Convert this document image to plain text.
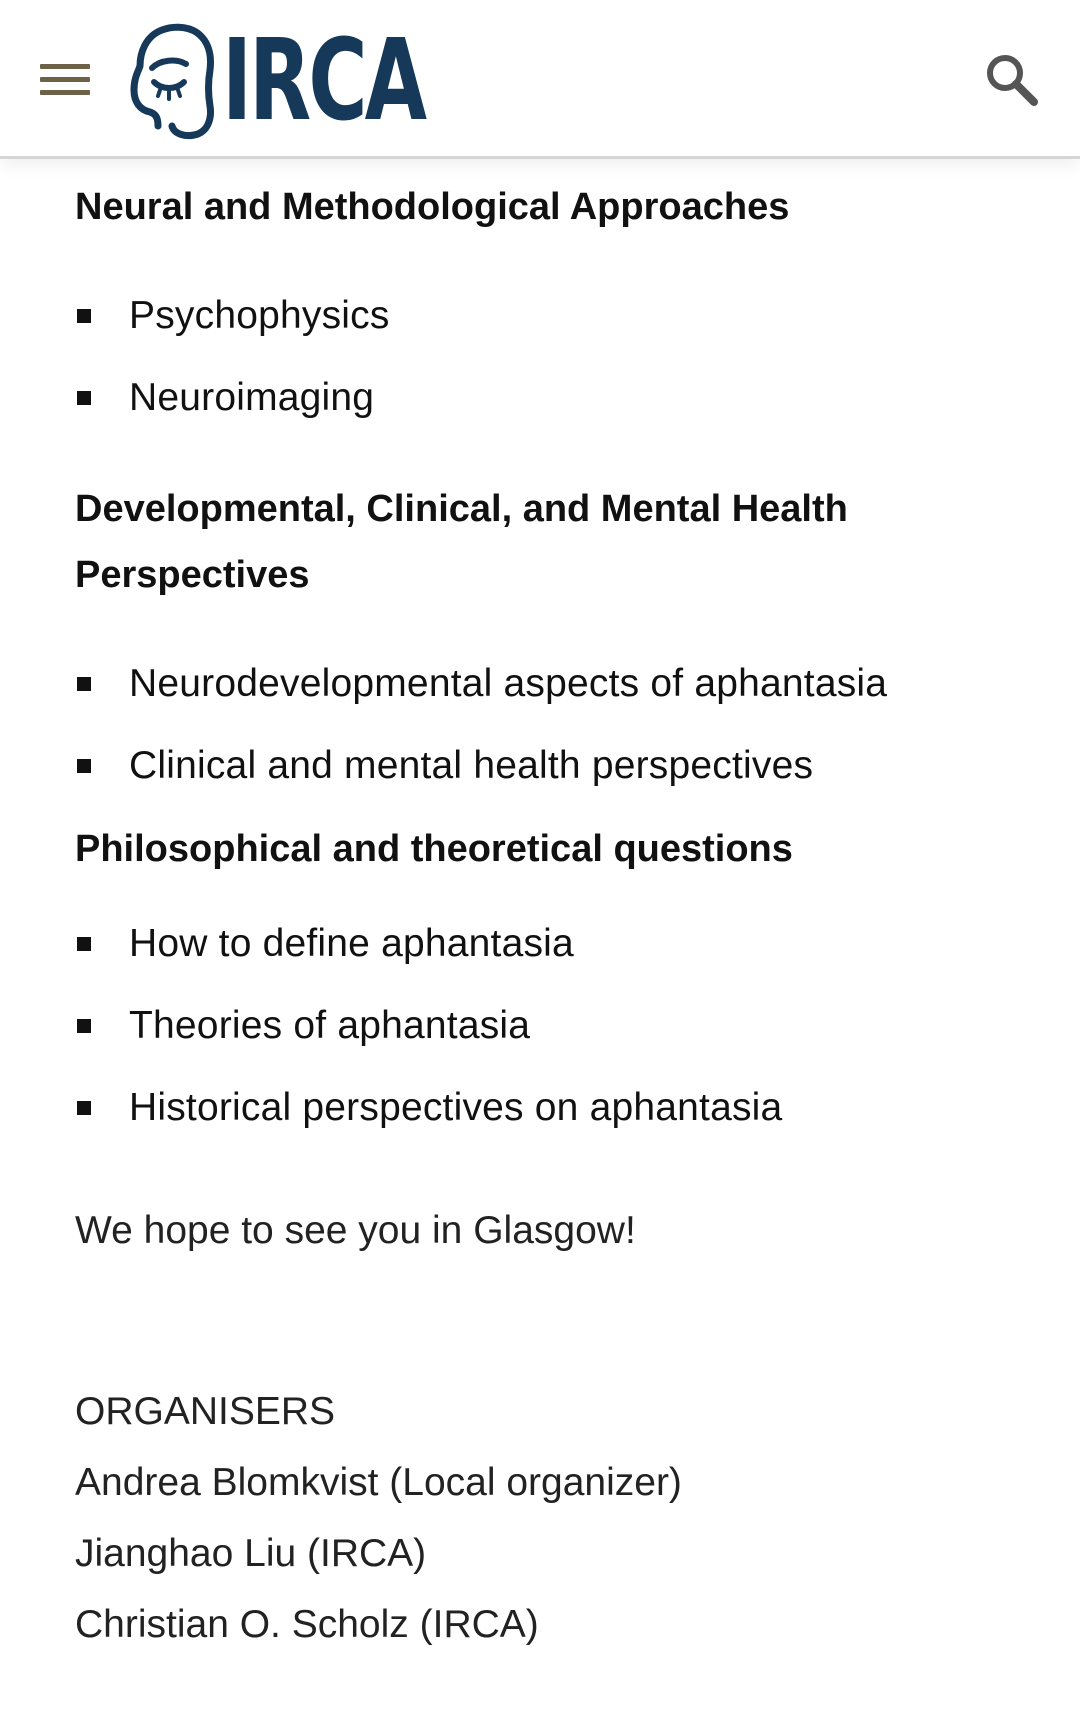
IRCA
Neural and Methodological Approaches
Psychophysics
Neuroimaging
Developmental, Clinical, and Mental Health
Perspectives
Neurodevelopmental aspects of aphantasia
Clinical and mental health perspectives
Philosophical and theoretical questions
How to define aphantasia
Theories of aphantasia
Historical perspectives on aphantasia

We hope to see you in Glasgow!

ORGANISERS

Andrea Blomkvist (Local organizer)

Jianghao Liu (IRCA)

Christian O. Scholz (IRCA)
